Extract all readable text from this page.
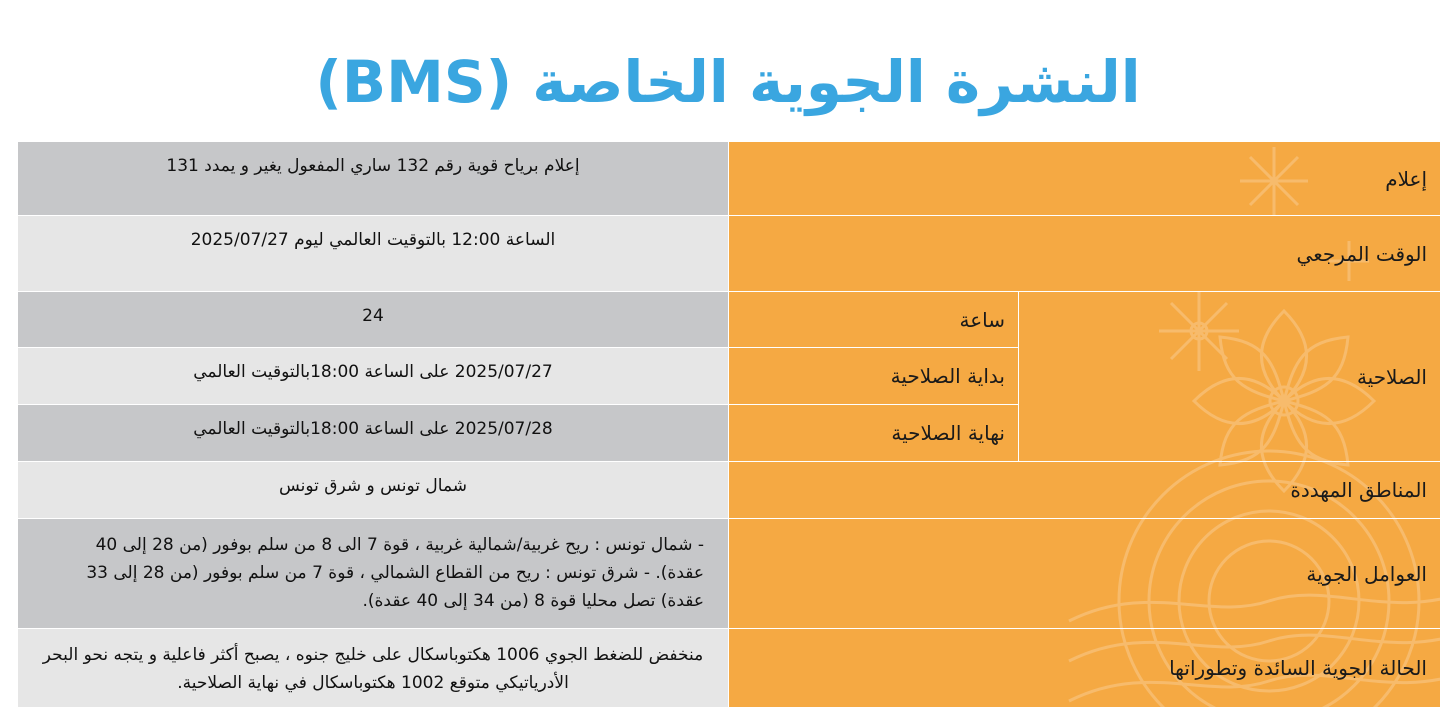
النشرة الجوية الخاصة (BMS)
إعلام		إعلام برياح قوية رقم 132 ساري المفعول يغير و يمدد 131
الوقت المرجعي		الساعة 12:00 بالتوقيت العالمي ليوم 2025/07/27
الصلاحية	ساعة	24
	بداية الصلاحية	2025/07/27 على الساعة 18:00بالتوقيت العالمي
	نهاية الصلاحية	2025/07/28 على الساعة 18:00بالتوقيت العالمي
المناطق المهددة		شمال تونس و شرق تونس
العوامل الجوية		- شمال تونس : ريح غربية/شمالية غربية ، قوة 7 الى 8 من سلم بوفور (من 28 إلى 40 عقدة). - شرق تونس : ريح من القطاع الشمالي ، قوة 7 من سلم بوفور (من 28 إلى 33 عقدة) تصل محليا قوة 8 (من 34 إلى 40 عقدة).
الحالة الجوية السائدة وتطوراتها		منخفض للضغط الجوي 1006 هكتوباسكال على خليج جنوه ، يصبح أكثر فاعلية و يتجه نحو البحر الأدرياتيكي متوقع 1002 هكتوباسكال في نهاية الصلاحية.
